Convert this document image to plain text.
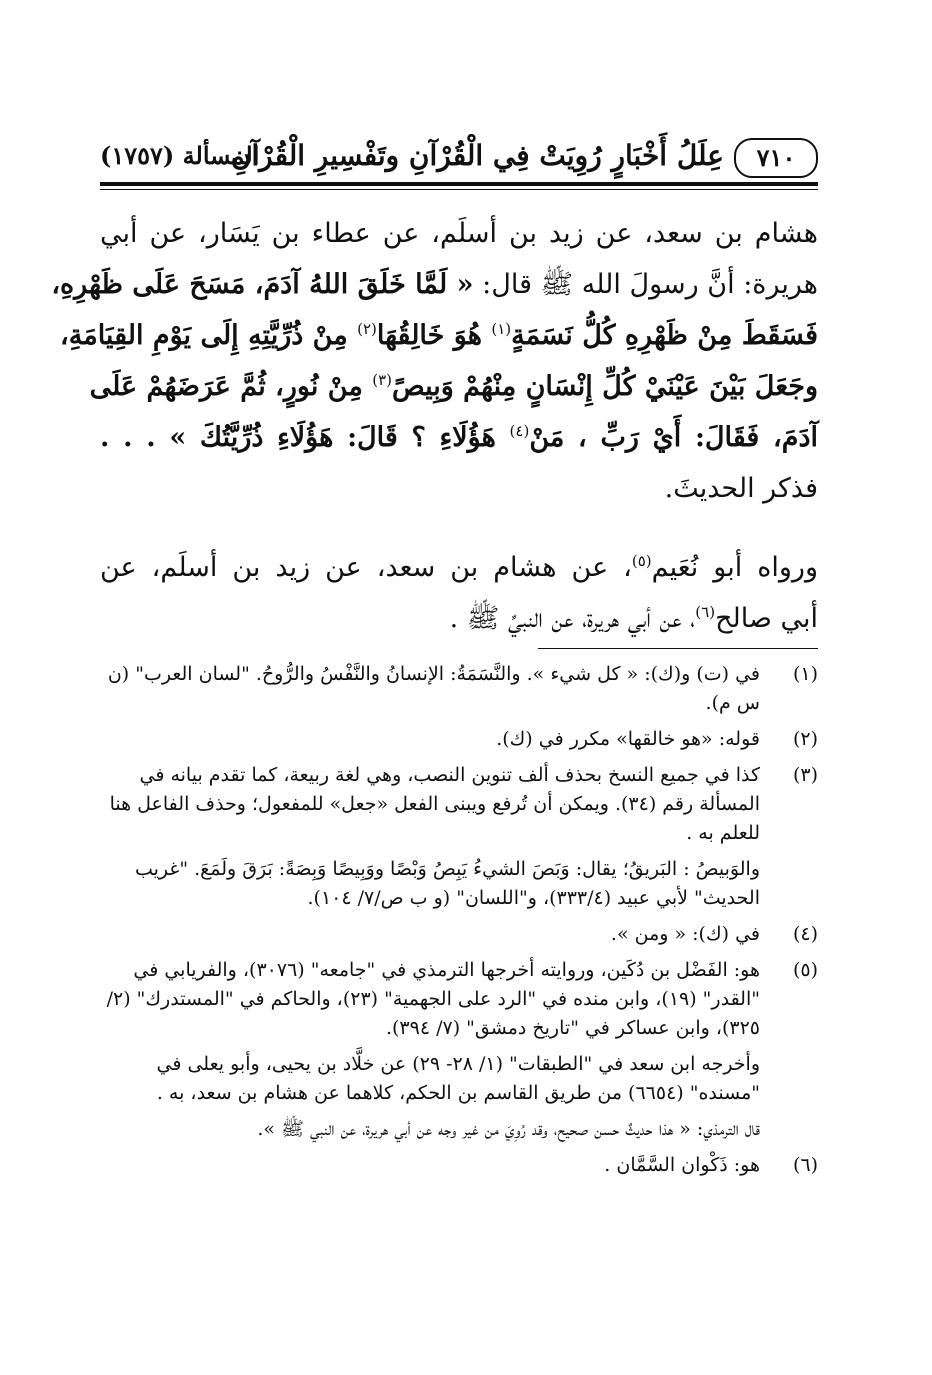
٧١٠
عِلَلُ أَخْبَارٍ رُوِيَتْ فِي الْقُرْآنِ وتَفْسِيرِ الْقُرْآنِ
المسألة (١٧٥٧)
هشام بن سعد، عن زيد بن أسلَم، عن عطاء بن يَسَار، عن أبي
هريرة: أنَّ رسولَ الله ﷺ قال: « لَمَّا خَلَقَ اللهُ آدَمَ، مَسَحَ عَلَى ظَهْرِهِ،
فَسَقَطَ مِنْ ظَهْرِهِ كُلُّ نَسَمَةٍ$^{(١)}$ هُوَ خَالِقُهَا$^{(٢)}$ مِنْ ذُرِّيَّتِهِ إِلَى يَوْمِ القِيَامَةِ،
وجَعَلَ بَيْنَ عَيْنَيْ كُلِّ إِنْسَانٍ مِنْهُمْ وَبِيصً$^{(٣)}$ مِنْ نُورٍ، ثُمَّ عَرَضَهُمْ عَلَى
آدَمَ، فَقَالَ: أَيْ رَبِّ ، مَنْ$^{(٤)}$ هَؤُلَاءِ ؟ قَالَ: هَؤُلَاءِ ذُرِّيَّتُكَ » . . .
فذكر الحديثَ.
ورواه أبو نُعَيم$^{(٥)}$، عن هشام بن سعد، عن زيد بن أسلَم، عن
أبي صالح$^{(٦)}$، عن أبي هريرة، عن النبيِّ ﷺ .
(١)

في (ت) و(ك): « كل شيء ». والنَّسَمَةُ: الإنسانُ والنَّفْسُ والرُّوحُ. "لسان العرب" (ن س م).

(٢)

قوله: «هو خالقها» مكرر في (ك).

(٣)

كذا في جميع النسخ بحذف ألف تنوين النصب، وهي لغة ربيعة، كما تقدم بيانه في المسألة رقم (٣٤). ويمكن أن تُرفع ويبنى الفعل «جعل» للمفعول؛ وحذف الفاعل هنا للعلم به .

والوَبيصُ : البَريقُ؛ يقال: وَبَصَ الشيءُ يَبِصُ وَبْصًا ووَبِيصًا وَبِصَةً: بَرَقَ ولَمَعَ. "غريب الحديث" لأبي عبيد (٣٣٣/٤)، و"اللسان" (و ب ص/٧/ ١٠٤).

(٤)

في (ك): « ومن ».

(٥)

هو: الفَضْل بن دُكَين، وروايته أخرجها الترمذي في "جامعه" (٣٠٧٦)، والفريابي في "القدر" (١٩)، وابن منده في "الرد على الجهمية" (٢٣)، والحاكم في "المستدرك" (٢/ ٣٢٥)، وابن عساكر في "تاريخ دمشق" (٧/ ٣٩٤).

وأخرجه ابن سعد في "الطبقات" (١/ ٢٨- ٢٩) عن خلَّاد بن يحيى، وأبو يعلى في "مسنده" (٦٦٥٤) من طريق القاسم بن الحكم، كلاهما عن هشام بن سعد، به .

قال الترمذي: « هذا حديثٌ حسن صحيح، وقد رُوِيَ من غير وجه عن أبي هريرة، عن النبي ﷺ ».

(٦)

هو: ذَكْوان السَّمَّان .
